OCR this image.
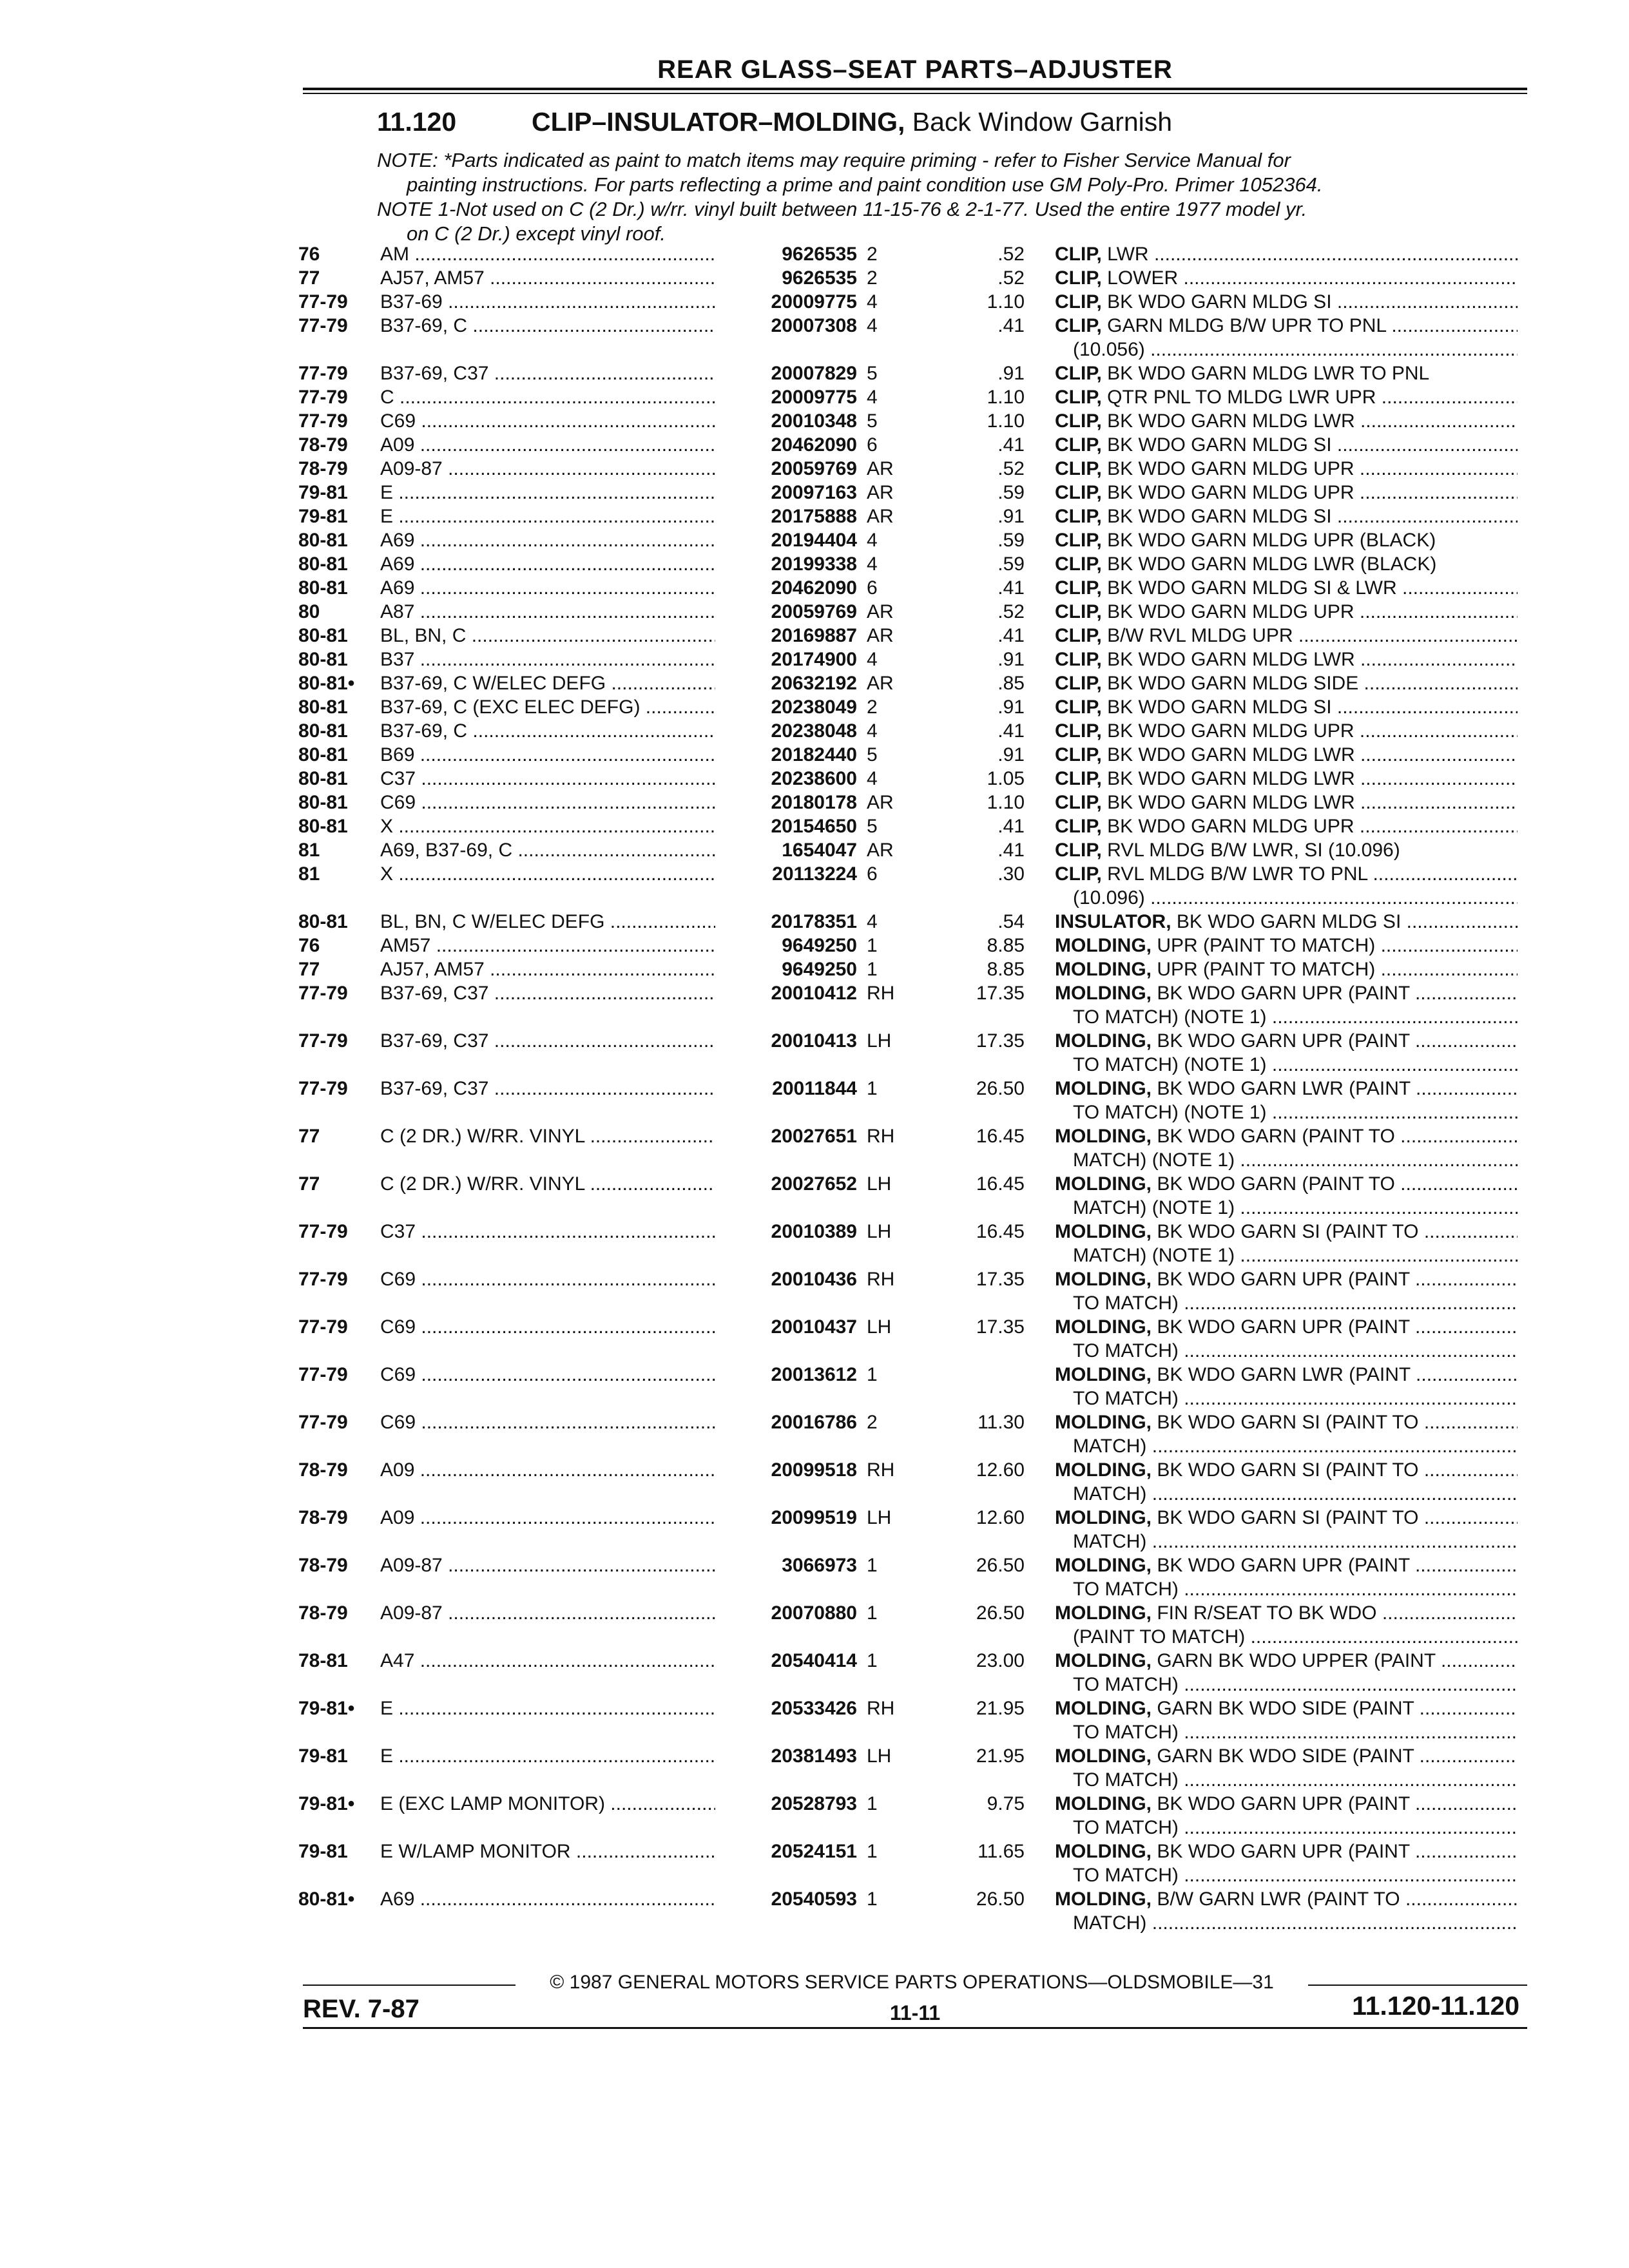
REAR GLASS–SEAT PARTS–ADJUSTER
11.120	CLIP–INSULATOR–MOLDING, Back Window Garnish
NOTE: *Parts indicated as paint to match items may require priming - refer to Fisher Service Manual for
painting instructions. For parts reflecting a prime and paint condition use GM Poly-Pro. Primer 1052364.
NOTE 1-Not used on C (2 Dr.) w/rr. vinyl built between 11-15-76 & 2-1-77. Used the entire 1977 model yr.
on C (2 Dr.) except vinyl roof.
76	AM .....	9626535 2	.52 CLIP, LWR .....
77	AJ57, AM57 .....	9626535 2	.52 CLIP, LOWER .....
77-79	B37-69 .....	20009775 4	1.10 CLIP, BK WDO GARN MLDG SI .....
77-79	B37-69, C .....	20007308 4	.41 CLIP, GARN MLDG B/W UPR TO PNL .....
(10.056) .....
77-79	B37-69, C37 .....	20007829 5	.91 CLIP, BK WDO GARN MLDG LWR TO PNL
77-79	C .....	20009775 4	1.10 CLIP, QTR PNL TO MLDG LWR UPR .....
77-79	C69 .....	20010348 5	1.10 CLIP, BK WDO GARN MLDG LWR .....
78-79	A09 .....	20462090 6	.41 CLIP, BK WDO GARN MLDG SI .....
78-79	A09-87 .....	20059769 AR	.52 CLIP, BK WDO GARN MLDG UPR .....
79-81	E .....	20097163 AR	.59 CLIP, BK WDO GARN MLDG UPR .....
79-81	E .....	20175888 AR	.91 CLIP, BK WDO GARN MLDG SI .....
80-81	A69 .....	20194404 4	.59 CLIP, BK WDO GARN MLDG UPR (BLACK)
80-81	A69 .....	20199338 4	.59 CLIP, BK WDO GARN MLDG LWR (BLACK)
80-81	A69 .....	20462090 6	.41 CLIP, BK WDO GARN MLDG SI & LWR .....
80	A87 .....	20059769 AR	.52 CLIP, BK WDO GARN MLDG UPR .....
80-81	BL, BN, C .....	20169887 AR	.41 CLIP, B/W RVL MLDG UPR .....
80-81	B37 .....	20174900 4	.91 CLIP, BK WDO GARN MLDG LWR .....
80-81•	B37-69, C W/ELEC DEFG .....	20632192 AR	.85 CLIP, BK WDO GARN MLDG SIDE .....
80-81	B37-69, C (EXC ELEC DEFG) .....	20238049 2	.91 CLIP, BK WDO GARN MLDG SI .....
80-81	B37-69, C .....	20238048 4	.41 CLIP, BK WDO GARN MLDG UPR .....
80-81	B69 .....	20182440 5	.91 CLIP, BK WDO GARN MLDG LWR .....
80-81	C37 .....	20238600 4	1.05 CLIP, BK WDO GARN MLDG LWR .....
80-81	C69 .....	20180178 AR	1.10 CLIP, BK WDO GARN MLDG LWR .....
80-81	X .....	20154650 5	.41 CLIP, BK WDO GARN MLDG UPR .....
81	A69, B37-69, C .....	1654047 AR	.41 CLIP, RVL MLDG B/W LWR, SI (10.096)
81	X .....	20113224 6	.30 CLIP, RVL MLDG B/W LWR TO PNL .....
(10.096) .....
80-81	BL, BN, C W/ELEC DEFG .....	20178351 4	.54 INSULATOR, BK WDO GARN MLDG SI .....
76	AM57 .....	9649250 1	8.85 MOLDING, UPR (PAINT TO MATCH) .....
77	AJ57, AM57 .....	9649250 1	8.85 MOLDING, UPR (PAINT TO MATCH) .....
77-79	B37-69, C37 .....	20010412 RH	17.35 MOLDING, BK WDO GARN UPR (PAINT .....
TO MATCH) (NOTE 1) .....
77-79	B37-69, C37 .....	20010413 LH	17.35 MOLDING, BK WDO GARN UPR (PAINT .....
TO MATCH) (NOTE 1) .....
77-79	B37-69, C37 .....	20011844 1	26.50 MOLDING, BK WDO GARN LWR (PAINT .....
TO MATCH) (NOTE 1) .....
77	C (2 DR.) W/RR. VINYL .....	20027651 RH	16.45 MOLDING, BK WDO GARN (PAINT TO .....
MATCH) (NOTE 1) .....
77	C (2 DR.) W/RR. VINYL .....	20027652 LH	16.45 MOLDING, BK WDO GARN (PAINT TO .....
MATCH) (NOTE 1) .....
77-79	C37 .....	20010389 LH	16.45 MOLDING, BK WDO GARN SI (PAINT TO .....
MATCH) (NOTE 1) .....
77-79	C69 .....	20010436 RH	17.35 MOLDING, BK WDO GARN UPR (PAINT .....
TO MATCH) .....
77-79	C69 .....	20010437 LH	17.35 MOLDING, BK WDO GARN UPR (PAINT .....
TO MATCH) .....
77-79	C69 .....	20013612 1	MOLDING, BK WDO GARN LWR (PAINT .....
TO MATCH) .....
77-79	C69 .....	20016786 2	11.30 MOLDING, BK WDO GARN SI (PAINT TO .....
MATCH) .....
78-79	A09 .....	20099518 RH	12.60 MOLDING, BK WDO GARN SI (PAINT TO .....
MATCH) .....
78-79	A09 .....	20099519 LH	12.60 MOLDING, BK WDO GARN SI (PAINT TO .....
MATCH) .....
78-79	A09-87 .....	3066973 1	26.50 MOLDING, BK WDO GARN UPR (PAINT .....
TO MATCH) .....
78-79	A09-87 .....	20070880 1	26.50 MOLDING, FIN R/SEAT TO BK WDO .....
(PAINT TO MATCH) .....
78-81	A47 .....	20540414 1	23.00 MOLDING, GARN BK WDO UPPER (PAINT .....
TO MATCH) .....
79-81•	E .....	20533426 RH	21.95 MOLDING, GARN BK WDO SIDE (PAINT .....
TO MATCH) .....
79-81	E .....	20381493 LH	21.95 MOLDING, GARN BK WDO SIDE (PAINT .....
TO MATCH) .....
79-81•	E (EXC LAMP MONITOR) .....	20528793 1	9.75 MOLDING, BK WDO GARN UPR (PAINT .....
TO MATCH) .....
79-81	E W/LAMP MONITOR .....	20524151 1	11.65 MOLDING, BK WDO GARN UPR (PAINT .....
TO MATCH) .....
80-81•	A69 .....	20540593 1	26.50 MOLDING, B/W GARN LWR (PAINT TO .....
MATCH) .....
© 1987 GENERAL MOTORS SERVICE PARTS OPERATIONS—OLDSMOBILE—31
REV. 7-87	11-11	11.120-11.120
